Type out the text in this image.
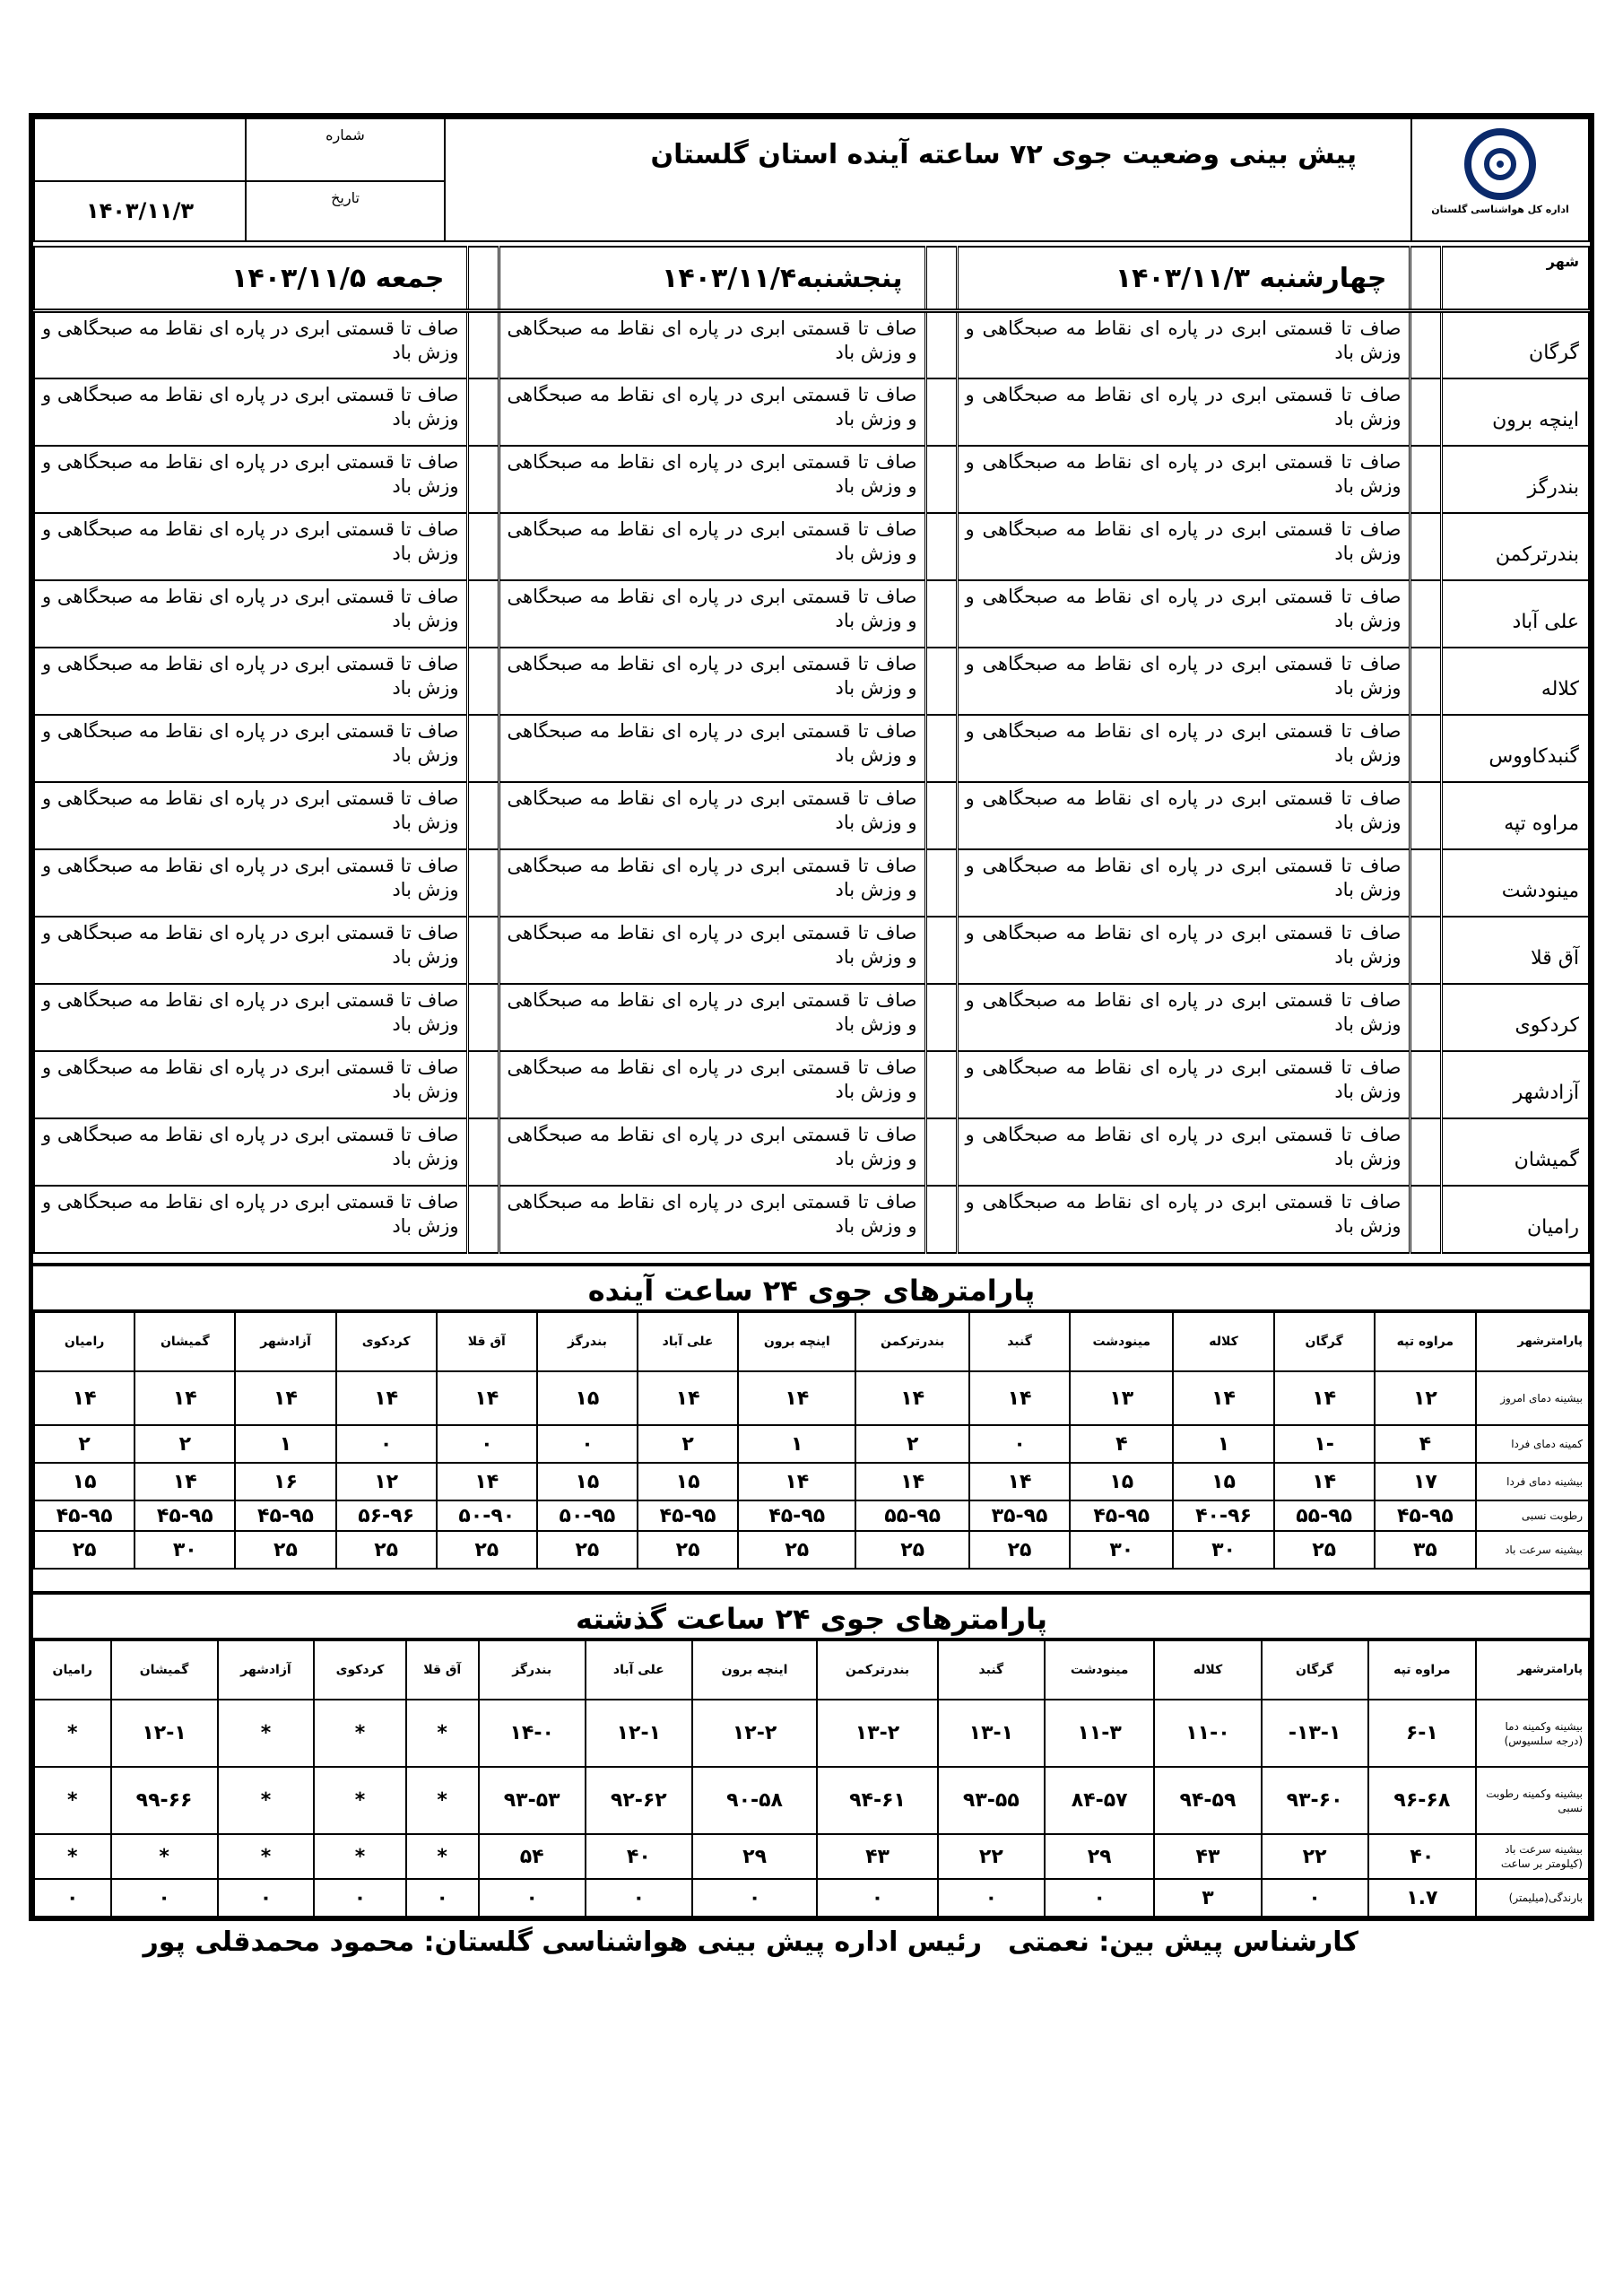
	شماره	پیش بینی وضعیت جوی ۷۲ ساعته آینده استان گلستان	اداره کل هواشناسی گلستان

۱۴۰۳/۱۱/۳	تاریخ		
شهر		چهارشنبه ۱۴۰۳/۱۱/۳		پنجشنبه۱۴۰۳/۱۱/۴		جمعه ۱۴۰۳/۱۱/۵
گرگان		صاف تا قسمتی ابری در پاره ای نقاط مه صبحگاهی و وزش باد		صاف تا قسمتی ابری در پاره ای نقاط مه صبحگاهی و وزش باد		صاف تا قسمتی ابری در پاره ای نقاط مه صبحگاهی و وزش باد
اینچه برون		صاف تا قسمتی ابری در پاره ای نقاط مه صبحگاهی و وزش باد		صاف تا قسمتی ابری در پاره ای نقاط مه صبحگاهی و وزش باد		صاف تا قسمتی ابری در پاره ای نقاط مه صبحگاهی و وزش باد
بندرگز		صاف تا قسمتی ابری در پاره ای نقاط مه صبحگاهی و وزش باد		صاف تا قسمتی ابری در پاره ای نقاط مه صبحگاهی و وزش باد		صاف تا قسمتی ابری در پاره ای نقاط مه صبحگاهی و وزش باد
بندرترکمن		صاف تا قسمتی ابری در پاره ای نقاط مه صبحگاهی و وزش باد		صاف تا قسمتی ابری در پاره ای نقاط مه صبحگاهی و وزش باد		صاف تا قسمتی ابری در پاره ای نقاط مه صبحگاهی و وزش باد
علی آباد		صاف تا قسمتی ابری در پاره ای نقاط مه صبحگاهی و وزش باد		صاف تا قسمتی ابری در پاره ای نقاط مه صبحگاهی و وزش باد		صاف تا قسمتی ابری در پاره ای نقاط مه صبحگاهی و وزش باد
کلاله		صاف تا قسمتی ابری در پاره ای نقاط مه صبحگاهی و وزش باد		صاف تا قسمتی ابری در پاره ای نقاط مه صبحگاهی و وزش باد		صاف تا قسمتی ابری در پاره ای نقاط مه صبحگاهی و وزش باد
گنبدکاووس		صاف تا قسمتی ابری در پاره ای نقاط مه صبحگاهی و وزش باد		صاف تا قسمتی ابری در پاره ای نقاط مه صبحگاهی و وزش باد		صاف تا قسمتی ابری در پاره ای نقاط مه صبحگاهی و وزش باد
مراوه تپه		صاف تا قسمتی ابری در پاره ای نقاط مه صبحگاهی و وزش باد		صاف تا قسمتی ابری در پاره ای نقاط مه صبحگاهی و وزش باد		صاف تا قسمتی ابری در پاره ای نقاط مه صبحگاهی و وزش باد
مینودشت		صاف تا قسمتی ابری در پاره ای نقاط مه صبحگاهی و وزش باد		صاف تا قسمتی ابری در پاره ای نقاط مه صبحگاهی و وزش باد		صاف تا قسمتی ابری در پاره ای نقاط مه صبحگاهی و وزش باد
آق قلا		صاف تا قسمتی ابری در پاره ای نقاط مه صبحگاهی و وزش باد		صاف تا قسمتی ابری در پاره ای نقاط مه صبحگاهی و وزش باد		صاف تا قسمتی ابری در پاره ای نقاط مه صبحگاهی و وزش باد
کردکوی		صاف تا قسمتی ابری در پاره ای نقاط مه صبحگاهی و وزش باد		صاف تا قسمتی ابری در پاره ای نقاط مه صبحگاهی و وزش باد		صاف تا قسمتی ابری در پاره ای نقاط مه صبحگاهی و وزش باد
آزادشهر		صاف تا قسمتی ابری در پاره ای نقاط مه صبحگاهی و وزش باد		صاف تا قسمتی ابری در پاره ای نقاط مه صبحگاهی و وزش باد		صاف تا قسمتی ابری در پاره ای نقاط مه صبحگاهی و وزش باد
گمیشان		صاف تا قسمتی ابری در پاره ای نقاط مه صبحگاهی و وزش باد		صاف تا قسمتی ابری در پاره ای نقاط مه صبحگاهی و وزش باد		صاف تا قسمتی ابری در پاره ای نقاط مه صبحگاهی و وزش باد
رامیان		صاف تا قسمتی ابری در پاره ای نقاط مه صبحگاهی و وزش باد		صاف تا قسمتی ابری در پاره ای نقاط مه صبحگاهی و وزش باد		صاف تا قسمتی ابری در پاره ای نقاط مه صبحگاهی و وزش باد
پارامترهای جوی ۲۴ ساعت آینده
پارامترشهر	مراوه تپه	گرگان	کلاله	مینودشت	گنبد	بندرترکمن	اینچه برون	علی آباد	بندرگز	آق قلا	کردکوی	آزادشهر	گمیشان	رامیان
بیشینه دمای امروز	۱۲	۱۴	۱۴	۱۳	۱۴	۱۴	۱۴	۱۴	۱۵	۱۴	۱۴	۱۴	۱۴	۱۴
کمینه دمای فردا	۴	-۱	۱	۴	۰	۲	۱	۲	۰	۰	۰	۱	۲	۲
بیشینه دمای فردا	۱۷	۱۴	۱۵	۱۵	۱۴	۱۴	۱۴	۱۵	۱۵	۱۴	۱۲	۱۶	۱۴	۱۵
رطوبت نسبی	۴۵-۹۵	۵۵-۹۵	۴۰-۹۶	۴۵-۹۵	۳۵-۹۵	۵۵-۹۵	۴۵-۹۵	۴۵-۹۵	۵۰-۹۵	۵۰-۹۰	۵۶-۹۶	۴۵-۹۵	۴۵-۹۵	۴۵-۹۵
بیشینه سرعت باد	۳۵	۲۵	۳۰	۳۰	۲۵	۲۵	۲۵	۲۵	۲۵	۲۵	۲۵	۲۵	۳۰	۲۵
پارامترهای جوی ۲۴ ساعت گذشته
پارامترشهر	مراوه تپه	گرگان	کلاله	مینودشت	گنبد	بندرترکمن	اینچه برون	علی آباد	بندرگز	آق قلا	کردکوی	آزادشهر	گمیشان	رامیان
بیشینه وکمینه دما (درجه سلسیوس)	۶-۱	۱۳-۱-	۱۱-۰	۱۱-۳	۱۳-۱	۱۳-۲	۱۲-۲	۱۲-۱	۱۴-۰	*	*	*	۱۲-۱	*
بیشینه وکمینه رطوبت نسبی	۹۶-۶۸	۹۳-۶۰	۹۴-۵۹	۸۴-۵۷	۹۳-۵۵	۹۴-۶۱	۹۰-۵۸	۹۲-۶۲	۹۳-۵۳	*	*	*	۹۹-۶۶	*
بیشینه سرعت باد (کیلومتر بر ساعت	۴۰	۲۲	۴۳	۲۹	۲۲	۴۳	۲۹	۴۰	۵۴	*	*	*	*	*
بارندگی(میلیمتر)	۱.۷	۰	۳	۰	۰	۰	۰	۰	۰	۰	۰	۰	۰	۰
کارشناس پیش بین: نعمتی
رئیس اداره پیش بینی هواشناسی گلستان: محمود محمدقلی پور
